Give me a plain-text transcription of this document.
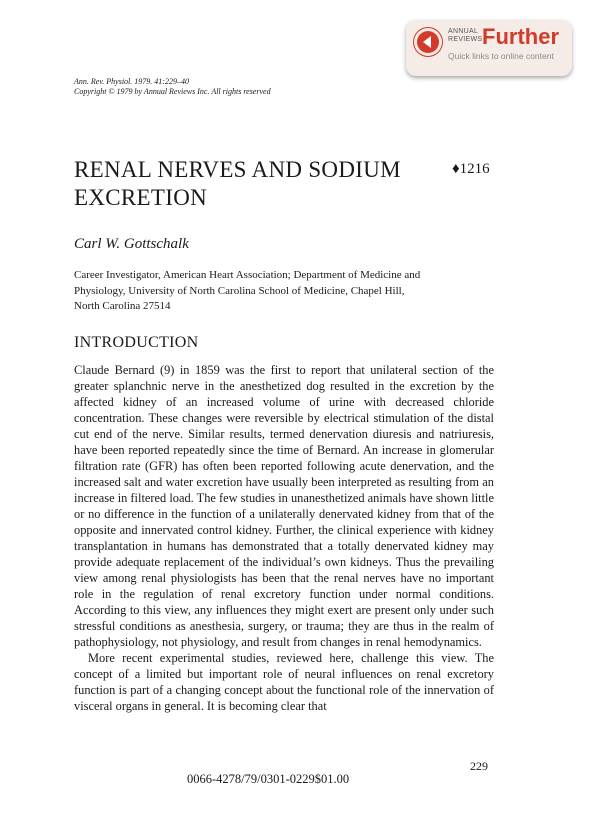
ANNUAL
REVIEWS Further
Quick links to online content
Ann. Rev. Physiol. 1979. 41:229–40
Copyright © 1979 by Annual Reviews Inc. All rights reserved
RENAL NERVES AND SODIUM
EXCRETION
♦1216
Carl W. Gottschalk
Career Investigator, American Heart Association; Department of Medicine and
Physiology, University of North Carolina School of Medicine, Chapel Hill,
North Carolina 27514
INTRODUCTION

Claude Bernard (9) in 1859 was the first to report that unilateral section of the greater splanchnic nerve in the anesthetized dog resulted in the excretion by the affected kidney of an increased volume of urine with decreased chloride concentration. These changes were reversible by electrical stimulation of the distal cut end of the nerve. Similar results, termed denervation diuresis and natriuresis, have been reported repeatedly since the time of Bernard. An increase in glomerular filtration rate (GFR) has often been reported following acute denervation, and the increased salt and water excretion have usually been interpreted as resulting from an increase in filtered load. The few studies in unanesthetized animals have shown little or no difference in the function of a unilaterally denervated kidney from that of the opposite and innervated control kidney. Further, the clinical experience with kidney transplantation in humans has demonstrated that a totally denervated kidney may provide adequate replacement of the individual’s own kidneys. Thus the prevailing view among renal physiologists has been that the renal nerves have no important role in the regulation of renal excretory function under normal conditions. According to this view, any influences they might exert are present only under such stressful conditions as anesthesia, surgery, or trauma; they are thus in the realm of pathophysiology, not physiology, and result from changes in renal hemodynamics.

More recent experimental studies, reviewed here, challenge this view. The concept of a limited but important role of neural influences on renal excretory function is part of a changing concept about the functional role of the innervation of visceral organs in general. It is becoming clear that

229
0066-4278/79/0301-0229$01.00
